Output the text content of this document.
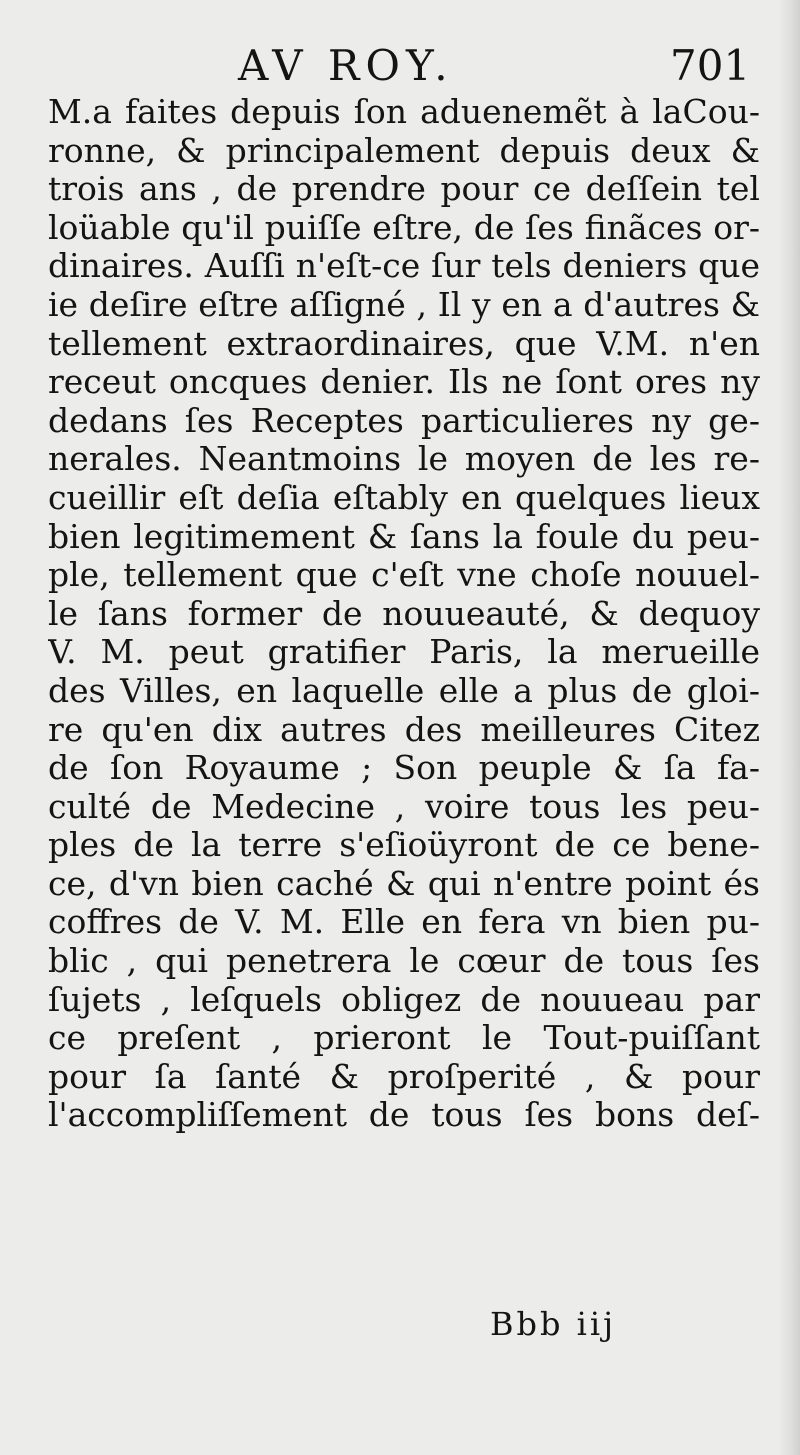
AV ROY.	701
M.a faites depuis ſon aduenemẽt à laCou-
ronne, & principalement depuis deux &
trois ans , de prendre pour ce deſſein tel
loüable qu'il puiſſe eſtre, de ſes finãces or-
dinaires. Auſſi n'eſt-ce ſur tels deniers que
ie deſire eſtre aſſigné , Il y en a d'autres &
tellement extraordinaires, que V.M. n'en
receut oncques denier. Ils ne ſont ores ny
dedans ſes Receptes particulieres ny ge-
nerales. Neantmoins le moyen de les re-
cueillir eſt deſia eſtably en quelques lieux
bien legitimement & ſans la foule du peu-
ple, tellement que c'eſt vne choſe nouuel-
le ſans former de nouueauté, & dequoy
V. M. peut gratifier Paris, la merueille
des Villes, en laquelle elle a plus de gloi-
re qu'en dix autres des meilleures Citez
de ſon Royaume ; Son peuple & ſa fa-
culté de Medecine , voire tous les peu-
ples de la terre s'eſioüyront de ce bene-
ce, d'vn bien caché & qui n'entre point és
coffres de V. M. Elle en fera vn bien pu-
blic , qui penetrera le cœur de tous ſes
ſujets , leſquels obligez de nouueau par
ce preſent , prieront le Tout-puiſſant
pour ſa ſanté & proſperité , & pour
l'accompliſſement de tous ſes bons deſ-
Bbb iij
